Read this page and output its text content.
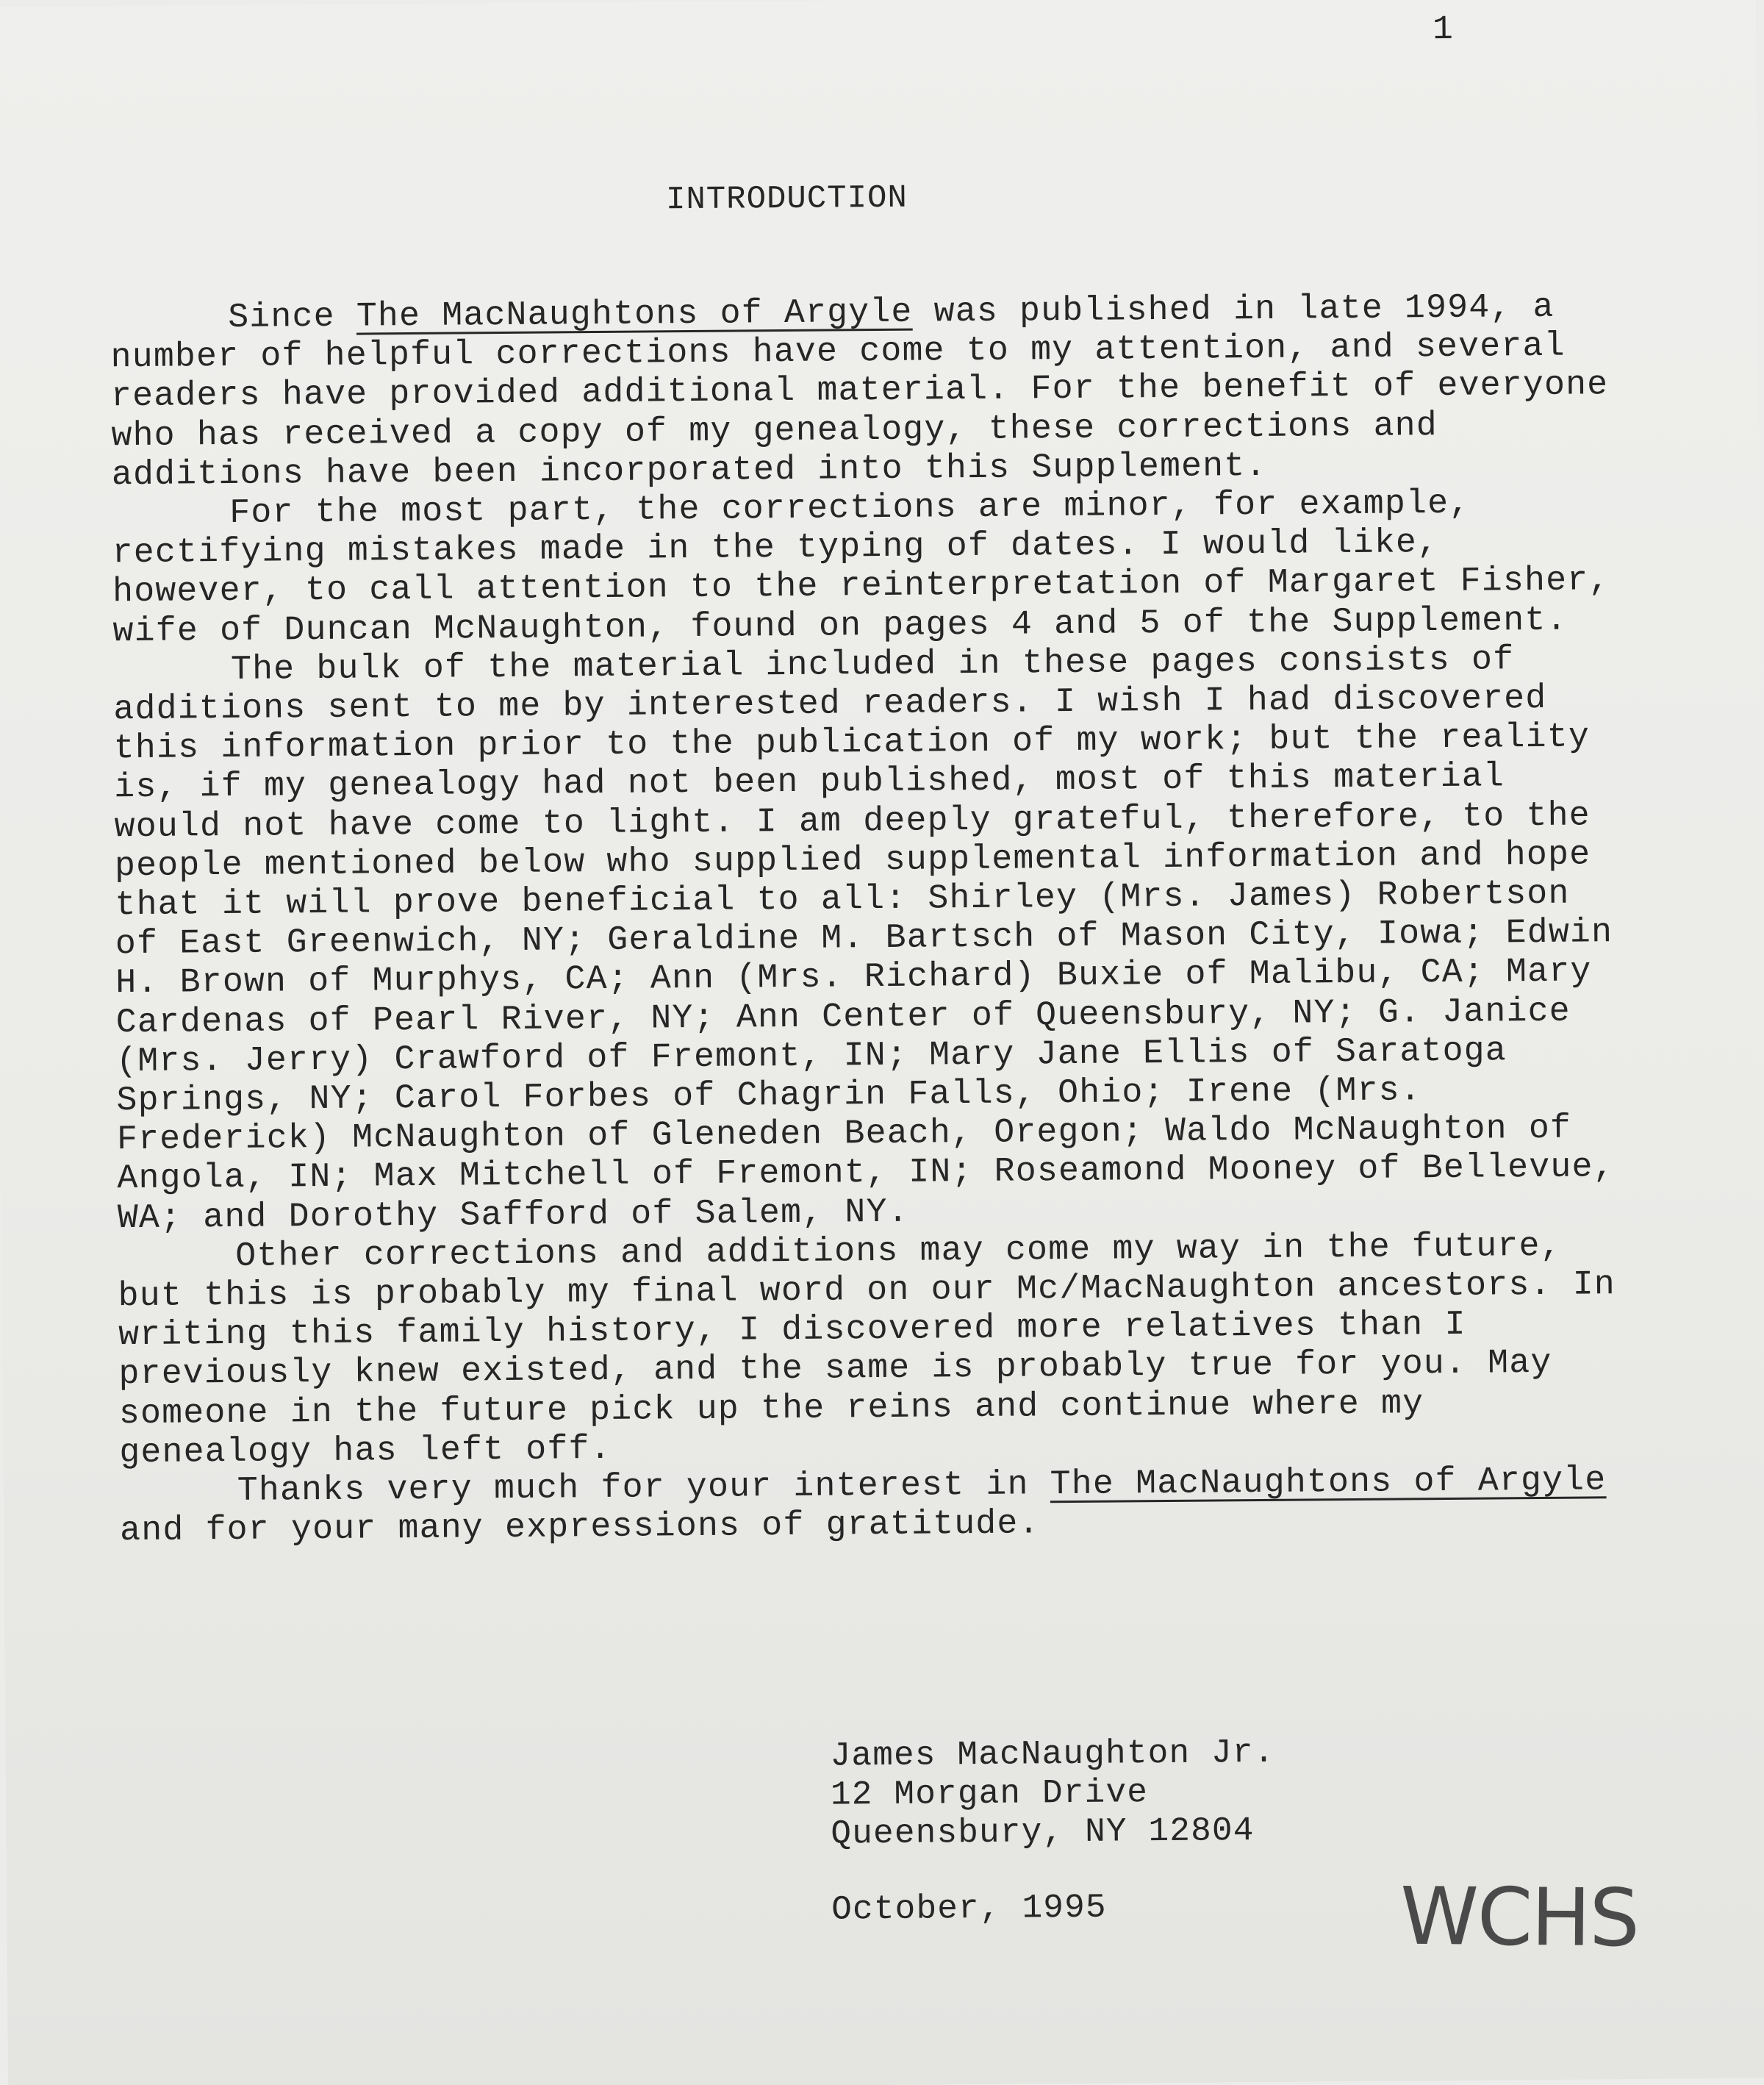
1
INTRODUCTION

Since The MacNaughtons of Argyle was published in late 1994, a number of helpful corrections have come to my attention, and several readers have provided additional material. For the benefit of everyone who has received a copy of my genealogy, these corrections and additions have been incorporated into this Supplement.

For the most part, the corrections are minor, for example, rectifying mistakes made in the typing of dates. I would like, however, to call attention to the reinterpretation of Margaret Fisher, wife of Duncan McNaughton, found on pages 4 and 5 of the Supplement.

The bulk of the material included in these pages consists of additions sent to me by interested readers. I wish I had discovered this information prior to the publication of my work; but the reality is, if my genealogy had not been published, most of this material would not have come to light. I am deeply grateful, therefore, to the people mentioned below who supplied supplemental information and hope that it will prove beneficial to all: Shirley (Mrs. James) Robertson of East Greenwich, NY; Geraldine M. Bartsch of Mason City, Iowa; Edwin H. Brown of Murphys, CA; Ann (Mrs. Richard) Buxie of Malibu, CA; Mary Cardenas of Pearl River, NY; Ann Center of Queensbury, NY; G. Janice (Mrs. Jerry) Crawford of Fremont, IN; Mary Jane Ellis of Saratoga Springs, NY; Carol Forbes of Chagrin Falls, Ohio; Irene (Mrs. Frederick) McNaughton of Gleneden Beach, Oregon; Waldo McNaughton of Angola, IN; Max Mitchell of Fremont, IN; Roseamond Mooney of Bellevue, WA; and Dorothy Safford of Salem, NY.

Other corrections and additions may come my way in the future, but this is probably my final word on our Mc/MacNaughton ancestors. In writing this family history, I discovered more relatives than I previously knew existed, and the same is probably true for you. May someone in the future pick up the reins and continue where my genealogy has left off.

Thanks very much for your interest in The MacNaughtons of Argyle and for your many expressions of gratitude.

James MacNaughton Jr.
12 Morgan Drive
Queensbury, NY 12804
October, 1995	WCHS
